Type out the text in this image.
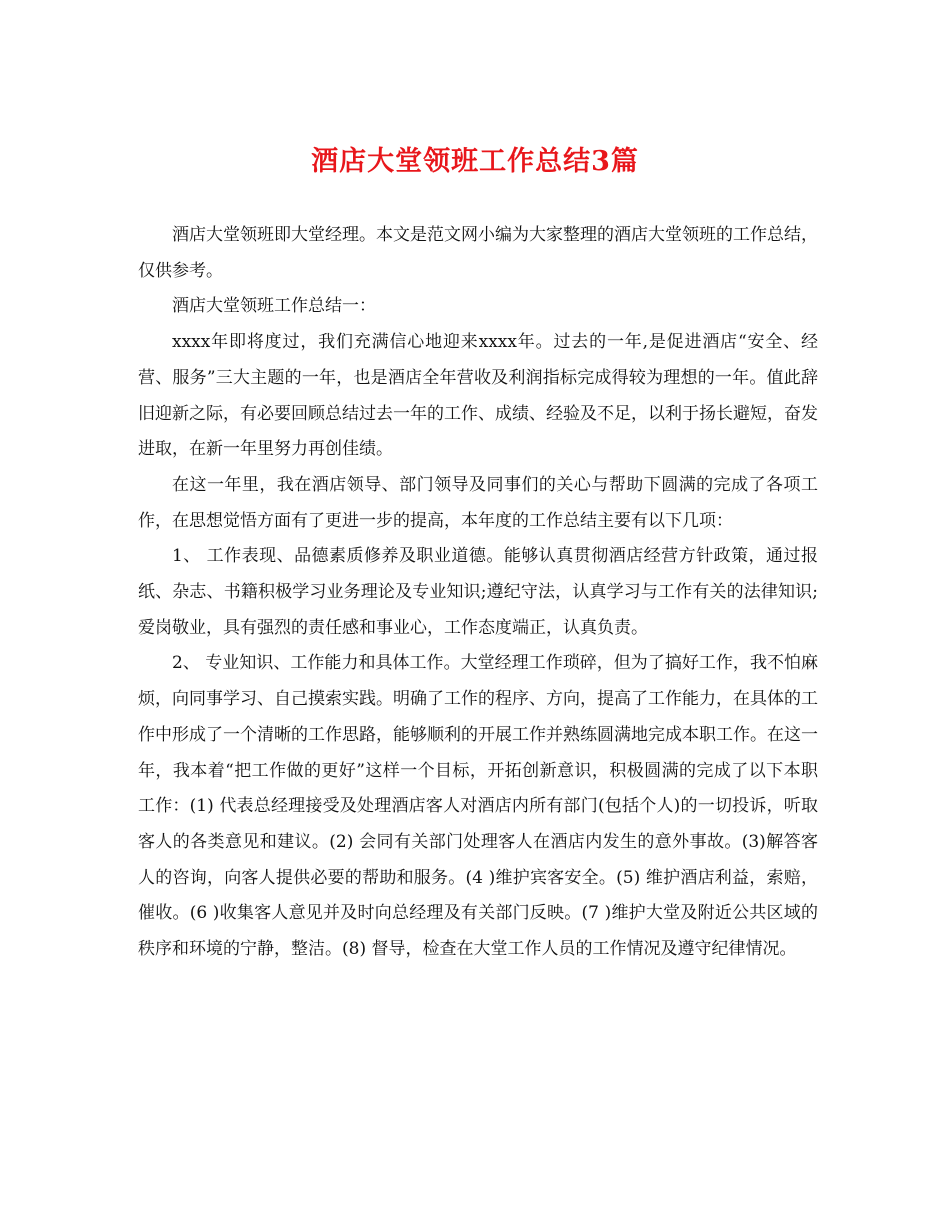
酒店大堂领班工作总结3篇

酒店大堂领班即大堂经理。本文是范文网小编为大家整理的酒店大堂领班的工作总结，仅供参考。

酒店大堂领班工作总结一：

xxxx年即将度过，我们充满信心地迎来xxxx年。过去的一年,是促进酒店“安全、经营、服务”三大主题的一年，也是酒店全年营收及利润指标完成得较为理想的一年。值此辞旧迎新之际，有必要回顾总结过去一年的工作、成绩、经验及不足，以利于扬长避短，奋发进取，在新一年里努力再创佳绩。

在这一年里，我在酒店领导、部门领导及同事们的关心与帮助下圆满的完成了各项工作，在思想觉悟方面有了更进一步的提高，本年度的工作总结主要有以下几项：

1、 工作表现、品德素质修养及职业道德。能够认真贯彻酒店经营方针政策，通过报纸、杂志、书籍积极学习业务理论及专业知识;遵纪守法，认真学习与工作有关的法律知识;爱岗敬业，具有强烈的责任感和事业心，工作态度端正，认真负责。

2、 专业知识、工作能力和具体工作。大堂经理工作琐碎，但为了搞好工作，我不怕麻烦，向同事学习、自己摸索实践。明确了工作的程序、方向，提高了工作能力，在具体的工作中形成了一个清晰的工作思路，能够顺利的开展工作并熟练圆满地完成本职工作。在这一年，我本着“把工作做的更好”这样一个目标，开拓创新意识，积极圆满的完成了以下本职工作：(1) 代表总经理接受及处理酒店客人对酒店内所有部门(包括个人)的一切投诉，听取客人的各类意见和建议。(2) 会同有关部门处理客人在酒店内发生的意外事故。(3)解答客人的咨询，向客人提供必要的帮助和服务。(4 )维护宾客安全。(5) 维护酒店利益，索赔，催收。(6 )收集客人意见并及时向总经理及有关部门反映。(7 )维护大堂及附近公共区域的秩序和环境的宁静，整洁。(8) 督导，检查在大堂工作人员的工作情况及遵守纪律情况。
